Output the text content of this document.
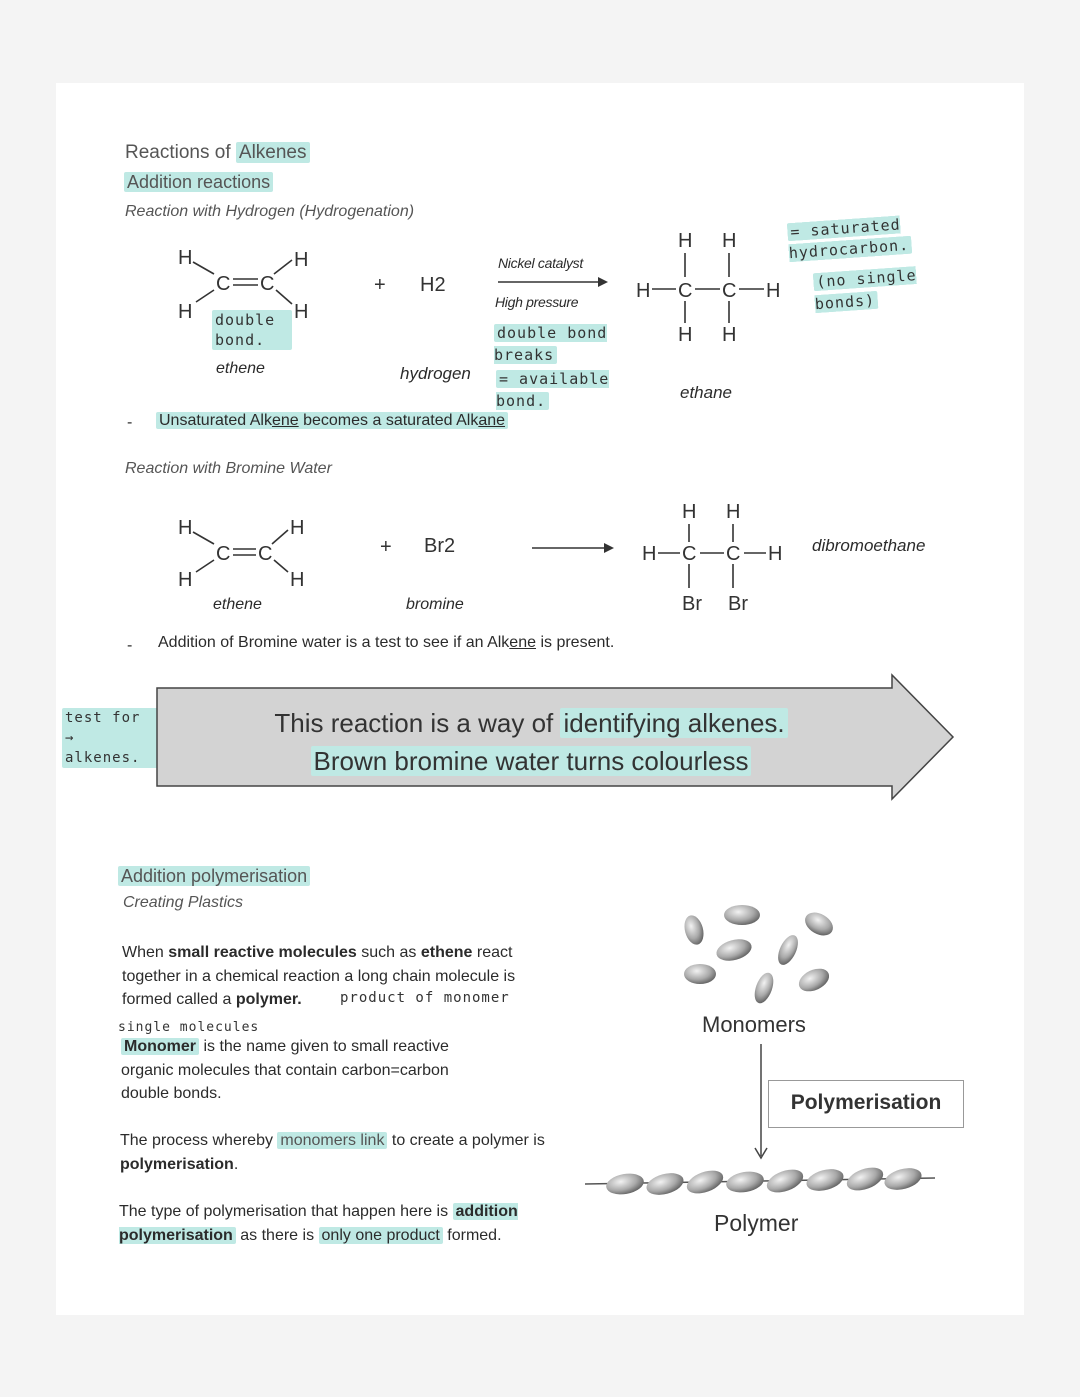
Reactions of Alkenes
Addition reactions
Reaction with Hydrogen (Hydrogenation)
H	H
H	H
C C
double bond.
ethene
+ H2
hydrogen
Nickel catalyst
High pressure
double bond breaks
= available bond.
H H
H C C H
H H
ethane
= saturated hydrocarbon.
(no single bonds)
- Unsaturated Alkene becomes a saturated Alkane
Reaction with Bromine Water
H	H
H	H
C C
ethene
+ Br2
bromine
H H
H C C H
Br Br
dibromoethane
- Addition of Bromine water is a test to see if an Alkene is present.
test for → alkenes.
This reaction is a way of identifying alkenes.
Brown bromine water turns colourless
Addition polymerisation
Creating Plastics
When small reactive molecules such as ethene react together in a chemical reaction a long chain molecule is formed called a polymer.	product of monomer
single molecules
Monomer is the name given to small reactive organic molecules that contain carbon=carbon double bonds.
The process whereby monomers link to create a polymer is polymerisation.
The type of polymerisation that happen here is addition polymerisation as there is only one product formed.
Monomers
Polymerisation
Polymer
